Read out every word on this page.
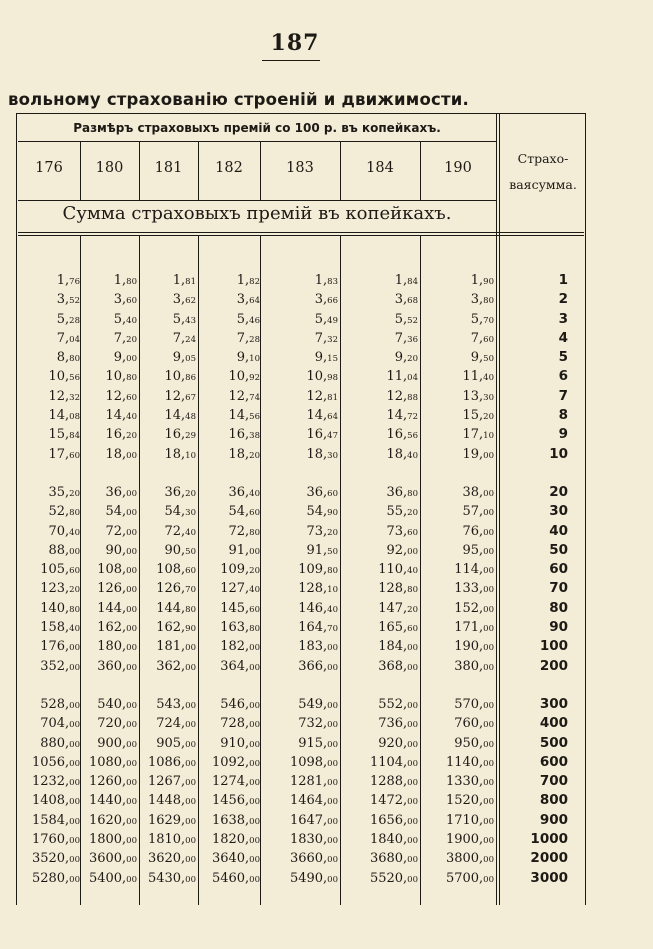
187
вольному страхованію строеній и движимости.
Размѣръ страховыхъ премій со 100 р. въ копейкахъ.
176	180	181	182	183	184	190
Сумма страховыхъ премій въ копейкахъ.
Страхо-
ваясумма.
1,76	1,80	1,81	1,82	1,83	1,84	1,90	1
3,52	3,60	3,62	3,64	3,66	3,68	3,80	2
5,28	5,40	5,43	5,46	5,49	5,52	5,70	3
7,04	7,20	7,24	7,28	7,32	7,36	7,60	4
8,80	9,00	9,05	9,10	9,15	9,20	9,50	5
10,56 10,80 10,86 10,92	10,98	11,04	11,40	6
12,32 12,60 12,67 12,74	12,81	12,88	13,30	7
14,08 14,40 14,48 14,56	14,64	14,72	15,20	8
15,84 16,20 16,29 16,38	16,47	16,56	17,10	9
17,60 18,00 18,10 18,20	18,30	18,40	19,00	10
35,20 36,00 36,20 36,40	36,60	36,80	38,00	20
52,80 54,00 54,30 54,60	54,90	55,20	57,00	30
70,40 72,00 72,40 72,80	73,20	73,60	76,00	40
88,00 90,00 90,50 91,00	91,50	92,00	95,00	50
105,60 108,00 108,60 109,20	109,80	110,40	114,00	60
123,20 126,00 126,70 127,40	128,10	128,80	133,00	70
140,80 144,00 144,80 145,60	146,40	147,20	152,00	80
158,40 162,00 162,90 163,80	164,70	165,60	171,00	90
176,00 180,00 181,00 182,00	183,00	184,00	190,00	100
352,00 360,00 362,00 364,00	366,00	368,00	380,00	200
528,00 540,00 543,00 546,00	549,00	552,00	570,00	300
704,00 720,00 724,00 728,00	732,00	736,00	760,00	400
880,00 900,00 905,00 910,00	915,00	920,00	950,00	500
1056,00 1080,00 1086,00 1092,00 1098,00 1104,00 1140,00	600
1232,00 1260,00 1267,00 1274,00 1281,00 1288,00 1330,00	700
1408,00 1440,00 1448,00 1456,00 1464,00 1472,00 1520,00	800
1584,00 1620,00 1629,00 1638,00 1647,00 1656,00 1710,00	900
1760,00 1800,00 1810,00 1820,00 1830,00 1840,00 1900,00	1000
3520,00 3600,00 3620,00 3640,00 3660,00 3680,00 3800,00	2000
5280,00 5400,00 5430,00 5460,00 5490,00 5520,00 5700,00	3000
